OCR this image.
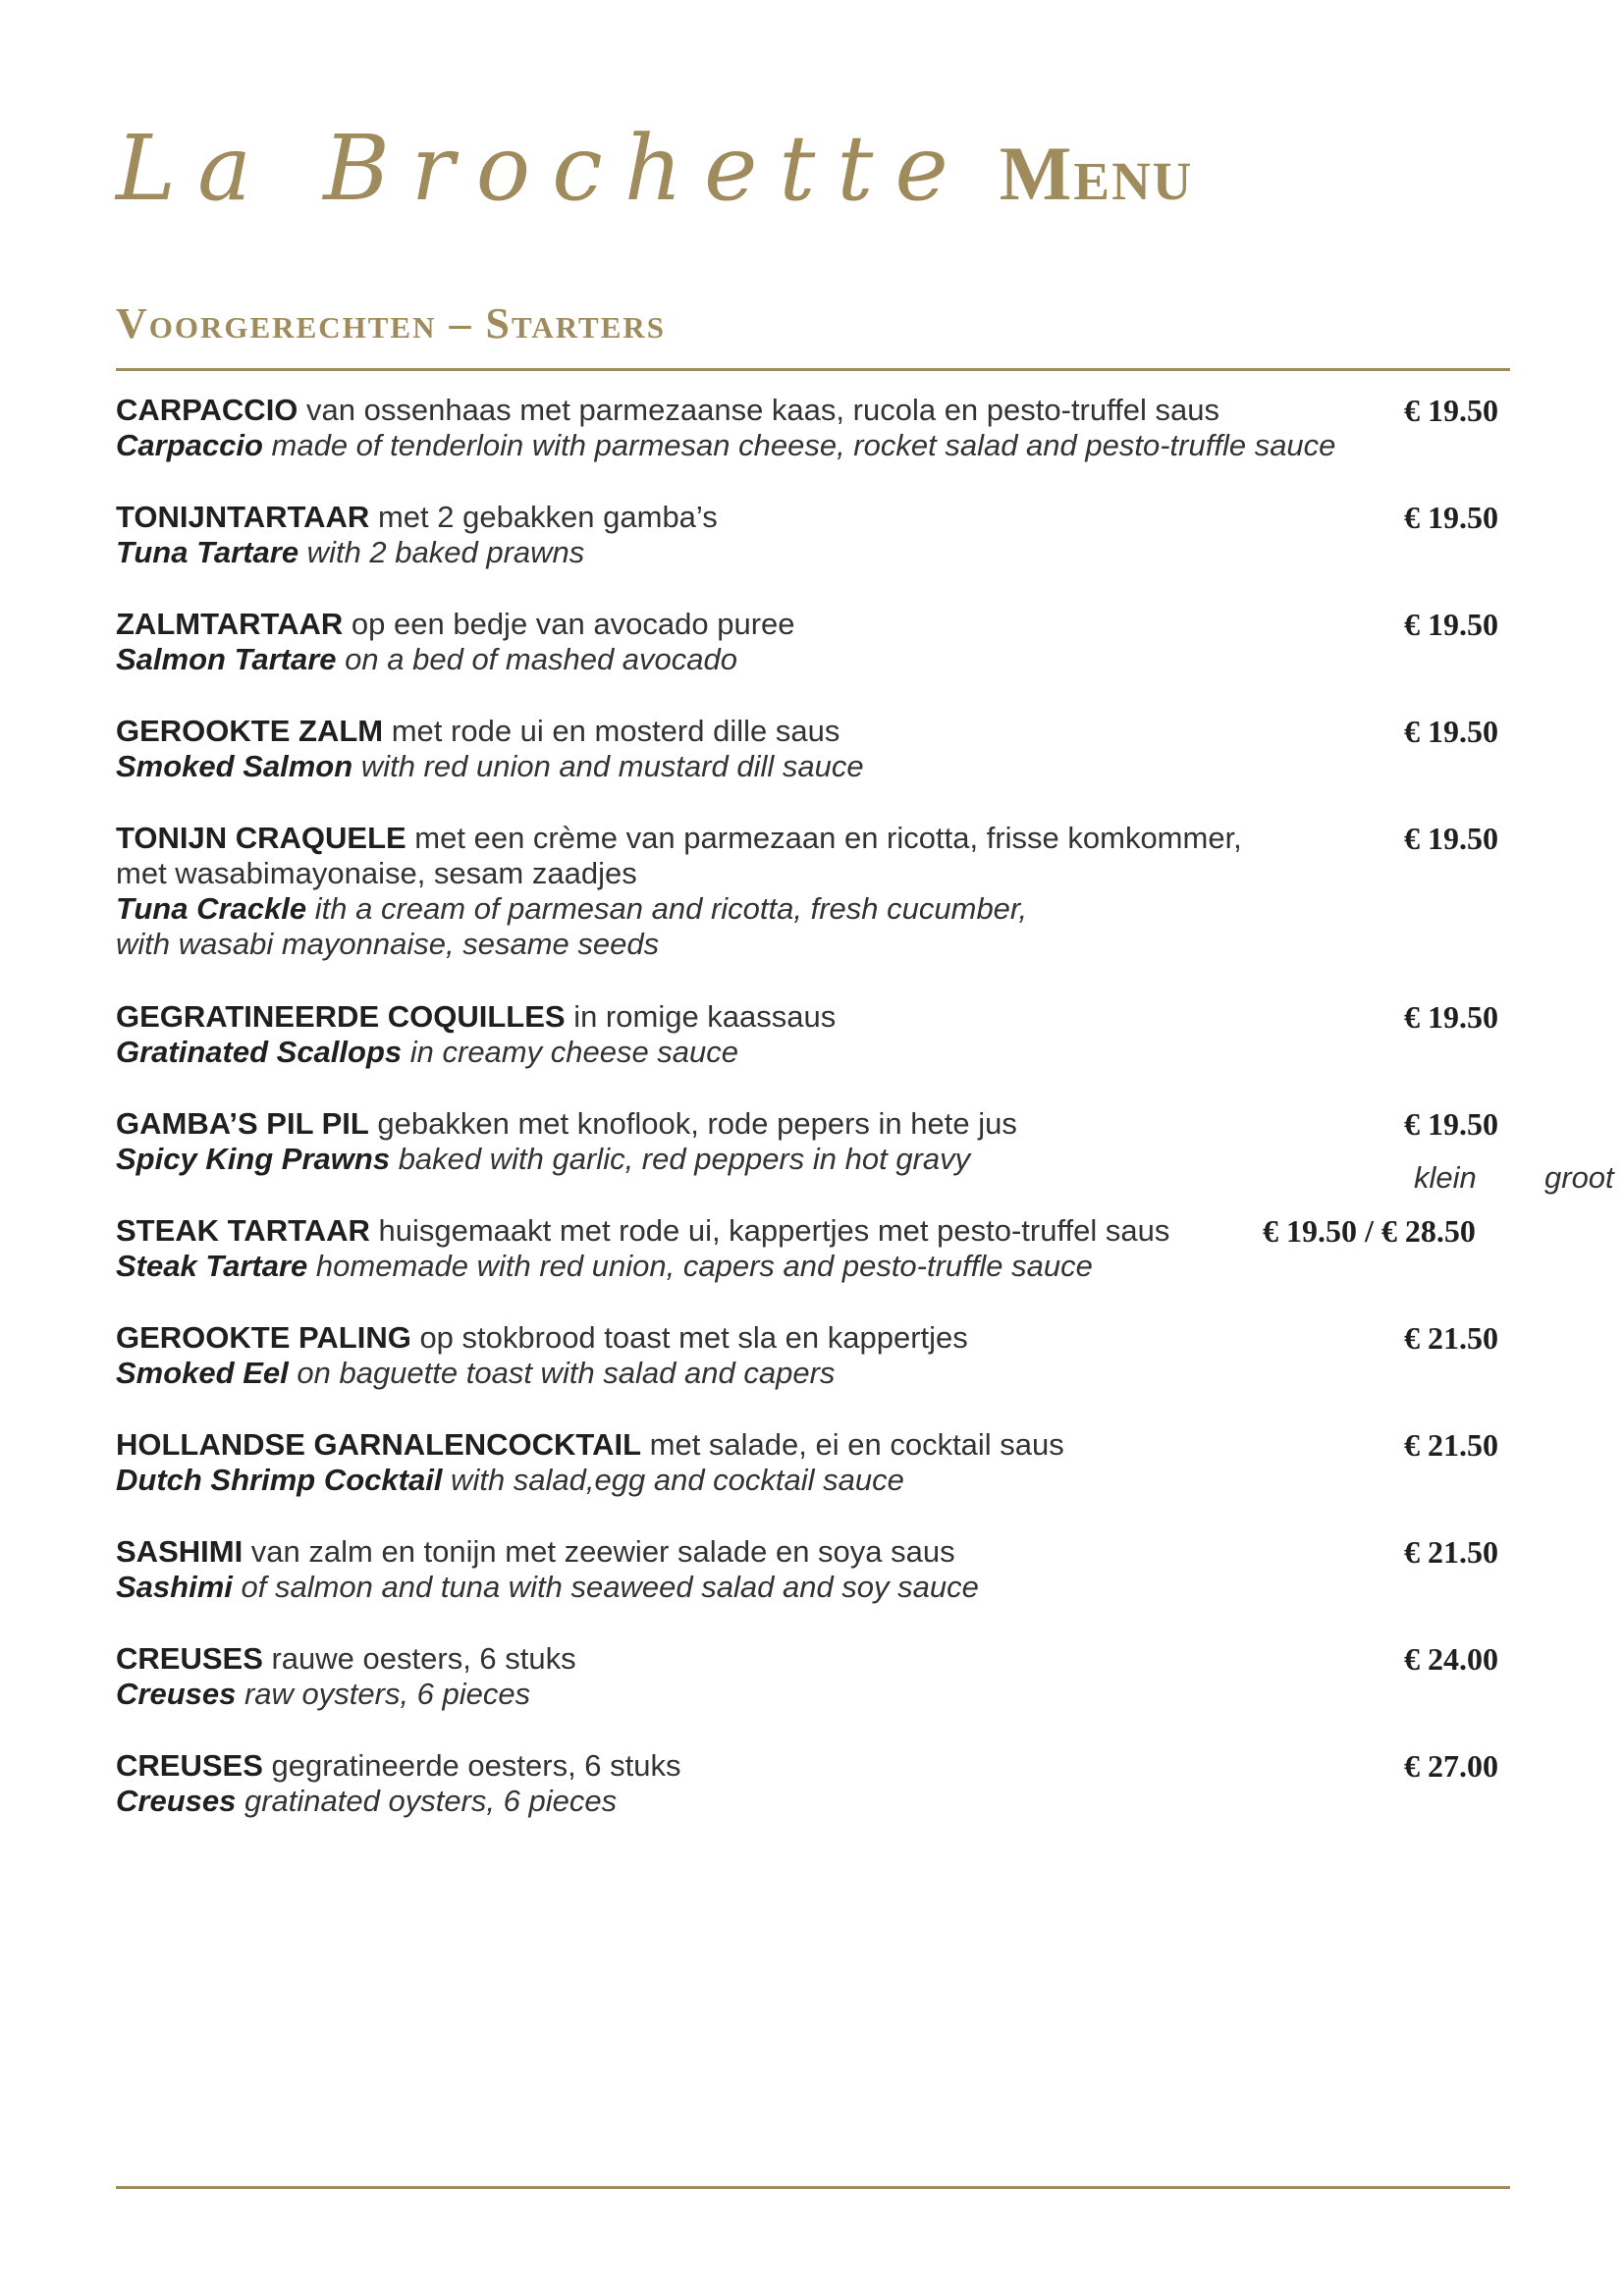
La Brochette Menu
Voorgerechten – Starters
CARPACCIO van ossenhaas met parmezaanse kaas, rucola en pesto-truffel saus
Carpaccio made of tenderloin with parmesan cheese, rocket salad and pesto-truffle sauce
€ 19.50
TONIJNTARTAAR met 2 gebakken gamba’s
Tuna Tartare with 2 baked prawns
€ 19.50
ZALMTARTAAR op een bedje van avocado puree
Salmon Tartare on a bed of mashed avocado
€ 19.50
GEROOKTE ZALM met rode ui en mosterd dille saus
Smoked Salmon with red union and mustard dill sauce
€ 19.50
TONIJN CRAQUELE met een crème van parmezaan en ricotta, frisse komkommer,
met wasabimayonaise, sesam zaadjes
Tuna Crackle ith a cream of parmesan and ricotta, fresh cucumber,
with wasabi mayonnaise, sesame seeds
€ 19.50
GEGRATINEERDE COQUILLES in romige kaassaus
Gratinated Scallops in creamy cheese sauce
€ 19.50
GAMBA’S PIL PIL gebakken met knoflook, rode pepers in hete jus
Spicy King Prawns baked with garlic, red peppers in hot gravy
€ 19.50
klein groot
STEAK TARTAAR huisgemaakt met rode ui, kappertjes met pesto-truffel saus
Steak Tartare homemade with red union, capers and pesto-truffle sauce
€ 19.50 / € 28.50
GEROOKTE PALING op stokbrood toast met sla en kappertjes
Smoked Eel on baguette toast with salad and capers
€ 21.50
HOLLANDSE GARNALENCOCKTAIL met salade, ei en cocktail saus
Dutch Shrimp Cocktail with salad,egg and cocktail sauce
€ 21.50
SASHIMI van zalm en tonijn met zeewier salade en soya saus
Sashimi of salmon and tuna with seaweed salad and soy sauce
€ 21.50
CREUSES rauwe oesters, 6 stuks
Creuses raw oysters, 6 pieces
€ 24.00
CREUSES gegratineerde oesters, 6 stuks
Creuses gratinated oysters, 6 pieces
€ 27.00
